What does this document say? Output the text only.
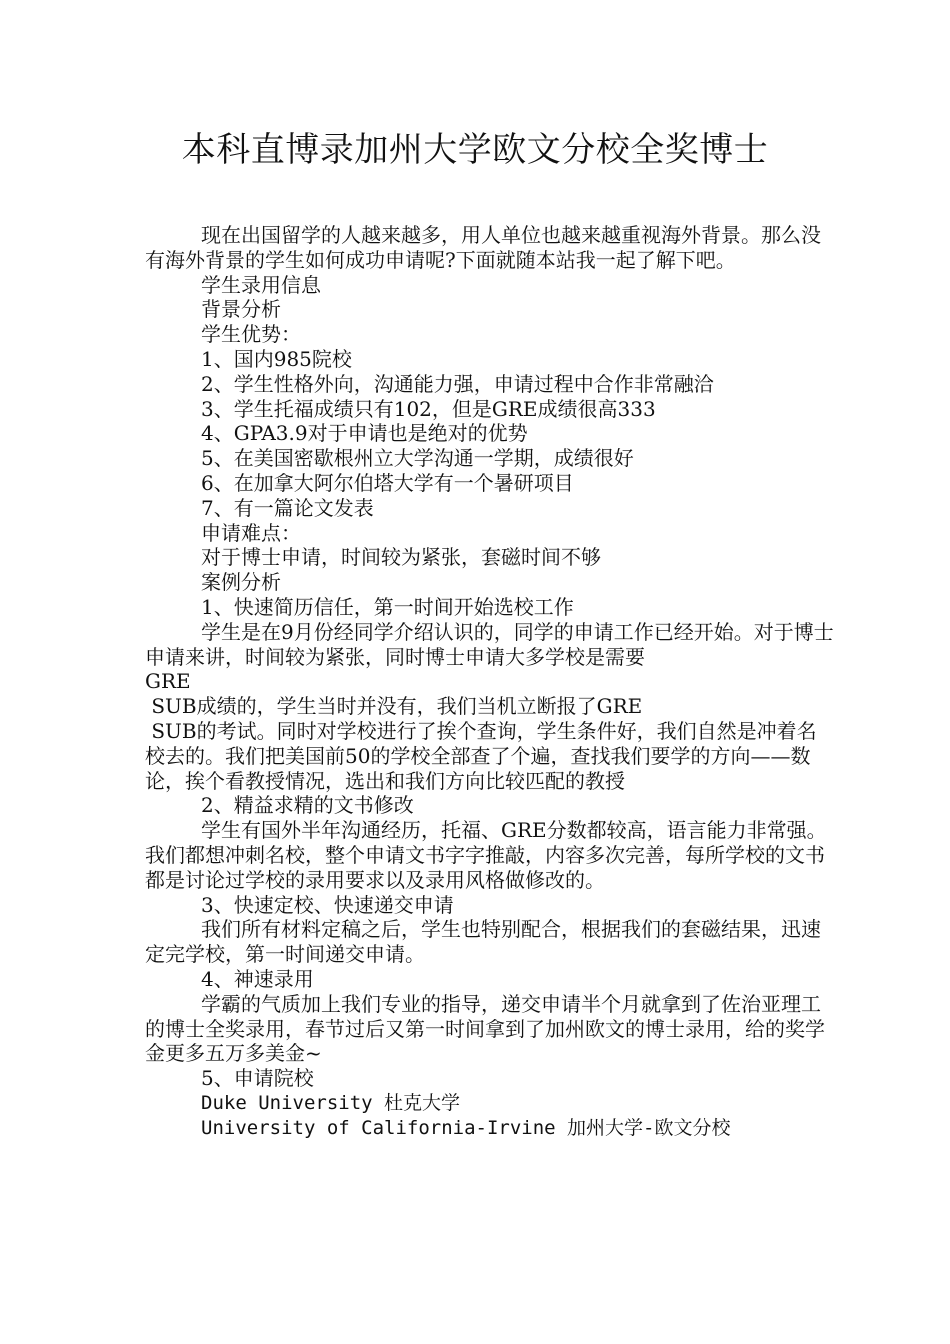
本科直博录加州大学欧文分校全奖博士

现在出国留学的人越来越多，用人单位也越来越重视海外背景。那么没有海外背景的学生如何成功申请呢?下面就随本站我一起了解下吧。

学生录用信息

背景分析

学生优势：

1、国内985院校

2、学生性格外向，沟通能力强，申请过程中合作非常融洽

3、学生托福成绩只有102，但是GRE成绩很高333

4、GPA3.9对于申请也是绝对的优势

5、在美国密歇根州立大学沟通一学期，成绩很好

6、在加拿大阿尔伯塔大学有一个暑研项目

7、有一篇论文发表

申请难点：

对于博士申请，时间较为紧张，套磁时间不够

案例分析

1、快速简历信任，第一时间开始选校工作

学生是在9月份经同学介绍认识的，同学的申请工作已经开始。对于博士申请来讲，时间较为紧张，同时博士申请大多学校是需要

GRE

SUB成绩的，学生当时并没有，我们当机立断报了GRE

SUB的考试。同时对学校进行了挨个查询，学生条件好，我们自然是冲着名校去的。我们把美国前50的学校全部查了个遍，查找我们要学的方向——数论，挨个看教授情况，选出和我们方向比较匹配的教授

2、精益求精的文书修改

学生有国外半年沟通经历，托福、GRE分数都较高，语言能力非常强。我们都想冲刺名校，整个申请文书字字推敲，内容多次完善，每所学校的文书都是讨论过学校的录用要求以及录用风格做修改的。

3、快速定校、快速递交申请

我们所有材料定稿之后，学生也特别配合，根据我们的套磁结果，迅速定完学校，第一时间递交申请。

4、神速录用

学霸的气质加上我们专业的指导，递交申请半个月就拿到了佐治亚理工的博士全奖录用，春节过后又第一时间拿到了加州欧文的博士录用，给的奖学金更多五万多美金~

5、申请院校

Duke University 杜克大学

University of California-Irvine 加州大学-欧文分校
